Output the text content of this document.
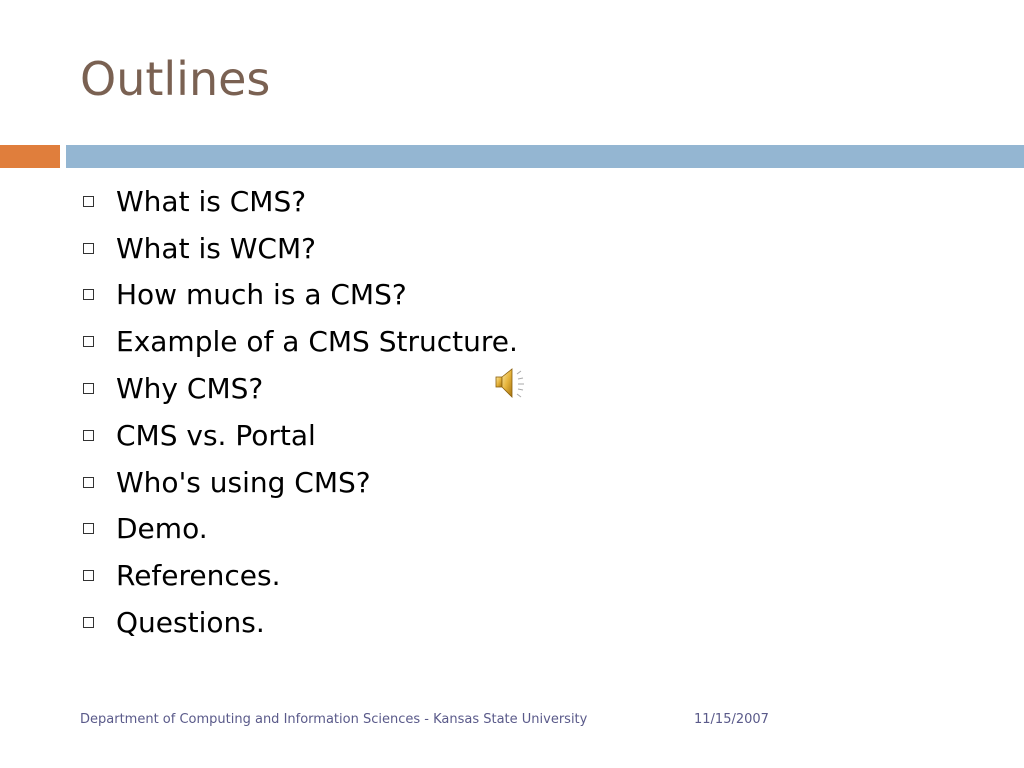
Outlines
What is CMS?
What is WCM?
How much is a CMS?
Example of a CMS Structure.
Why CMS?
CMS vs. Portal
Who's using CMS?
Demo.
References.
Questions.
Department of Computing and Information Sciences - Kansas State University	11/15/2007
